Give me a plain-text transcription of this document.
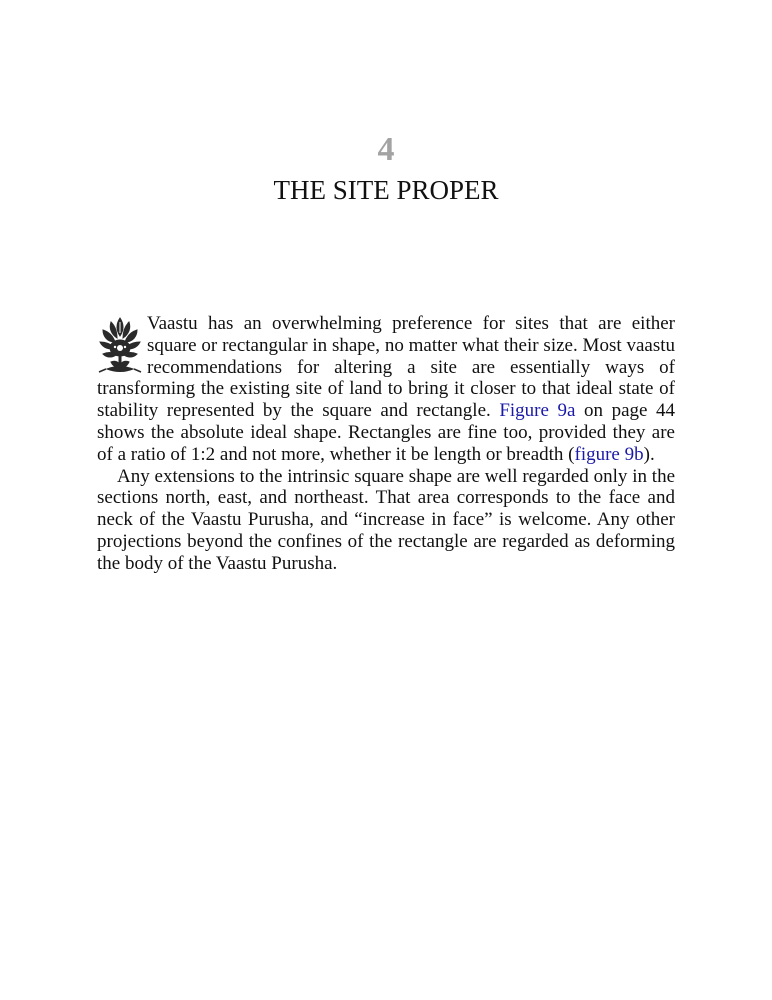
4
THE SITE PROPER

Vaastu has an overwhelming preference for sites that are either square or rectangular in shape, no matter what their size. Most vaastu recommendations for altering a site are essentially ways of transforming the existing site of land to bring it closer to that ideal state of stability represented by the square and rectangle. Figure 9a on page 44 shows the absolute ideal shape. Rectangles are fine too, provided they are of a ratio of 1:2 and not more, whether it be length or breadth (figure 9b).

Any extensions to the intrinsic square shape are well regarded only in the sections north, east, and northeast. That area corresponds to the face and neck of the Vaastu Purusha, and “increase in face” is welcome. Any other projections beyond the confines of the rectangle are regarded as deforming the body of the Vaastu Purusha.
